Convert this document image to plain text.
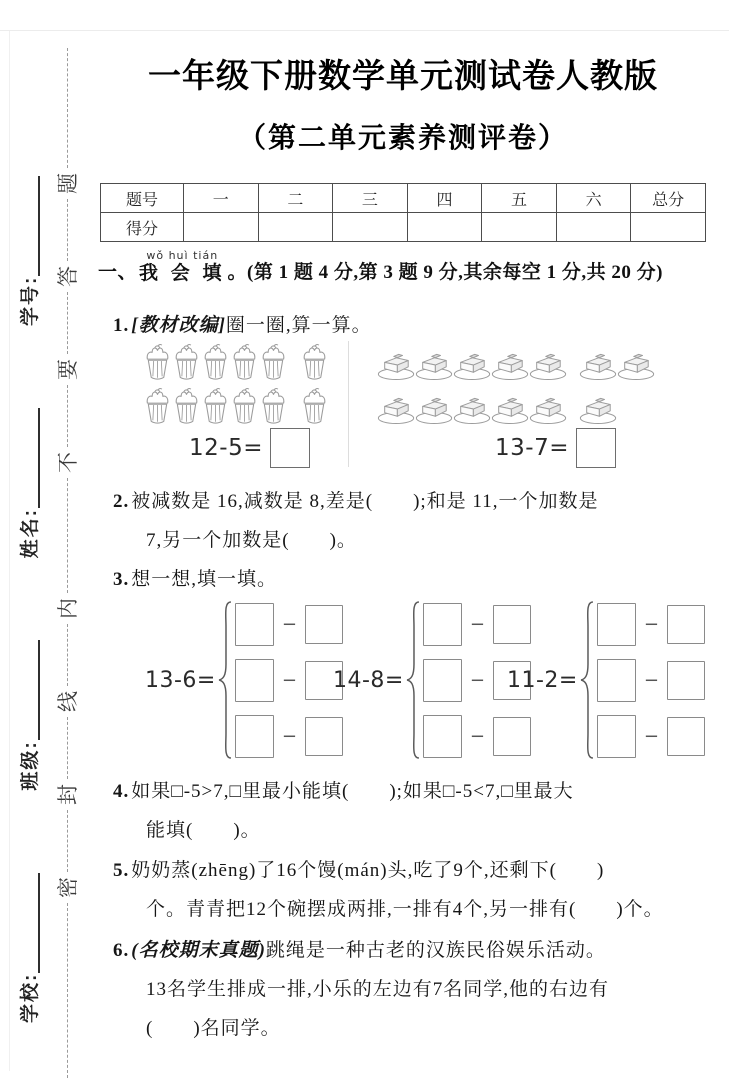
学校:
班级:
姓名:
学号:
密
封
线
内
不
要
答
题
一年级下册数学单元测试卷人教版
（第二单元素养测评卷）
题号	一	二	三	四	五	六	总分
得分							
一、
wǒ huì tián
我 会 填 。(第 1 题 4 分,第 3 题 9 分,其余每空 1 分,共 20 分)
1. [教材改编]圈一圈,算一算。
12-5=	13-7=
2. 被减数是 16,减数是 8,差是(　　);和是 11,一个加数是
7,另一个加数是(　　)。
3. 想一想,填一填。
13-6=
−
−
−
14-8=
−
−
−
11-2=
−
−
−
4. 如果□-5>7,□里最小能填(　　);如果□-5<7,□里最大
能填(　　)。
5. 奶奶蒸(zhēng)了16个馒(mán)头,吃了9个,还剩下(　　)
个。青青把12个碗摆成两排,一排有4个,另一排有(　　)个。
6. (名校期末真题)跳绳是一种古老的汉族民俗娱乐活动。
13名学生排成一排,小乐的左边有7名同学,他的右边有
(　　)名同学。
